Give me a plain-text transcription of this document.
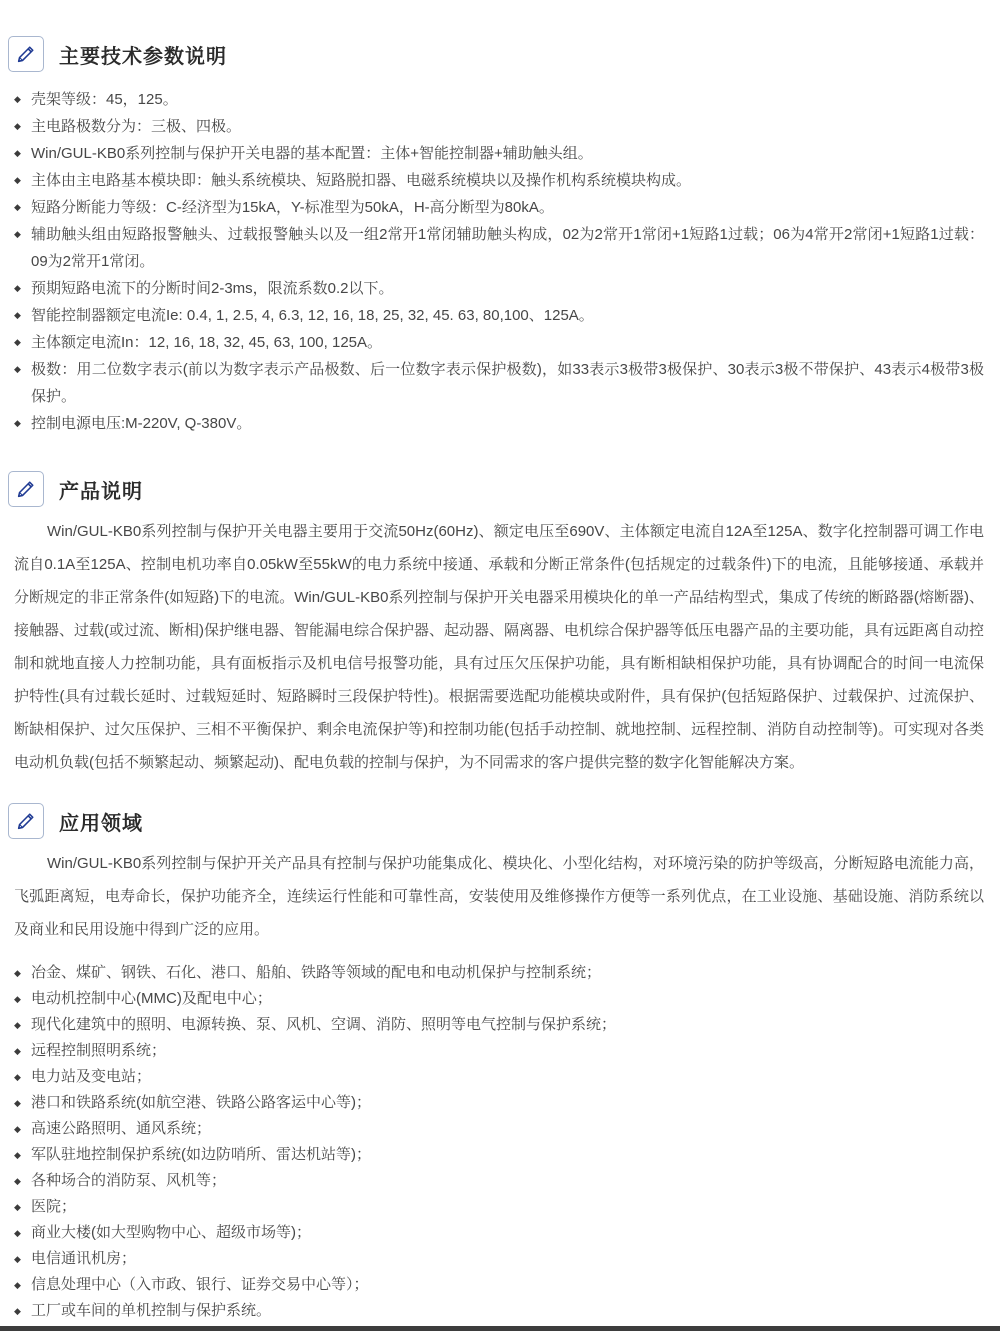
主要技术参数说明
◆ 壳架等级：45，125。
◆ 主电路极数分为：三极、四极。
◆ Win/GUL-KB0系列控制与保护开关电器的基本配置：主体+智能控制器+辅助触头组。
◆ 主体由主电路基本模块即：触头系统模块、短路脱扣器、电磁系统模块以及操作机构系统模块构成。
◆ 短路分断能力等级：C-经济型为15kA，Y-标准型为50kA，H-高分断型为80kA。
◆ 辅助触头组由短路报警触头、过载报警触头以及一组2常开1常闭辅助触头构成，02为2常开1常闭+1短路1过载；06为4常开2常闭+1短路1过载：09为2常开1常闭。
◆ 预期短路电流下的分断时间2-3ms，限流系数0.2以下。
◆ 智能控制器额定电流Ie: 0.4, 1, 2.5, 4, 6.3, 12, 16, 18, 25, 32, 45. 63, 80,100、125A。
◆ 主体额定电流In：12, 16, 18, 32, 45, 63, 100, 125A。
◆ 极数：用二位数字表示(前以为数字表示产品极数、后一位数字表示保护极数)，如33表示3极带3极保护、30表示3极不带保护、43表示4极带3极保护。
◆ 控制电源电压:M-220V, Q-380V。
产品说明

Win/GUL-KB0系列控制与保护开关电器主要用于交流50Hz(60Hz)、额定电压至690V、主体额定电流自12A至125A、数字化控制器可调工作电流自0.1A至125A、控制电机功率自0.05kW至55kW的电力系统中接通、承载和分断正常条件(包括规定的过载条件)下的电流，且能够接通、承载并分断规定的非正常条件(如短路)下的电流。Win/GUL-KB0系列控制与保护开关电器采用模块化的单一产品结构型式，集成了传统的断路器(熔断器)、接触器、过载(或过流、断相)保护继电器、智能漏电综合保护器、起动器、隔离器、电机综合保护器等低压电器产品的主要功能，具有远距离自动控制和就地直接人力控制功能，具有面板指示及机电信号报警功能，具有过压欠压保护功能，具有断相缺相保护功能，具有协调配合的时间一电流保护特性(具有过载长延时、过载短延时、短路瞬时三段保护特性)。根据需要选配功能模块或附件，具有保护(包括短路保护、过载保护、过流保护、断缺相保护、过欠压保护、三相不平衡保护、剩余电流保护等)和控制功能(包括手动控制、就地控制、远程控制、消防自动控制等)。可实现对各类电动机负载(包括不频繁起动、频繁起动)、配电负载的控制与保护，为不同需求的客户提供完整的数字化智能解决方案。

应用领域

Win/GUL-KB0系列控制与保护开关产品具有控制与保护功能集成化、模块化、小型化结构，对环境污染的防护等级高，分断短路电流能力高，飞弧距离短，电寿命长，保护功能齐全，连续运行性能和可靠性高，安装使用及维修操作方便等一系列优点，在工业设施、基础设施、消防系统以及商业和民用设施中得到广泛的应用。

◆ 冶金、煤矿、钢铁、石化、港口、船舶、铁路等领域的配电和电动机保护与控制系统；
◆ 电动机控制中心(MMC)及配电中心；
◆ 现代化建筑中的照明、电源转换、泵、风机、空调、消防、照明等电气控制与保护系统；
◆ 远程控制照明系统；
◆ 电力站及变电站；
◆ 港口和铁路系统(如航空港、铁路公路客运中心等)；
◆ 高速公路照明、通风系统；
◆ 军队驻地控制保护系统(如边防哨所、雷达机站等)；
◆ 各种场合的消防泵、风机等；
◆ 医院；
◆ 商业大楼(如大型购物中心、超级市场等)；
◆ 电信通讯机房；
◆ 信息处理中心（入市政、银行、证券交易中心等）；
◆ 工厂或车间的单机控制与保护系统。
